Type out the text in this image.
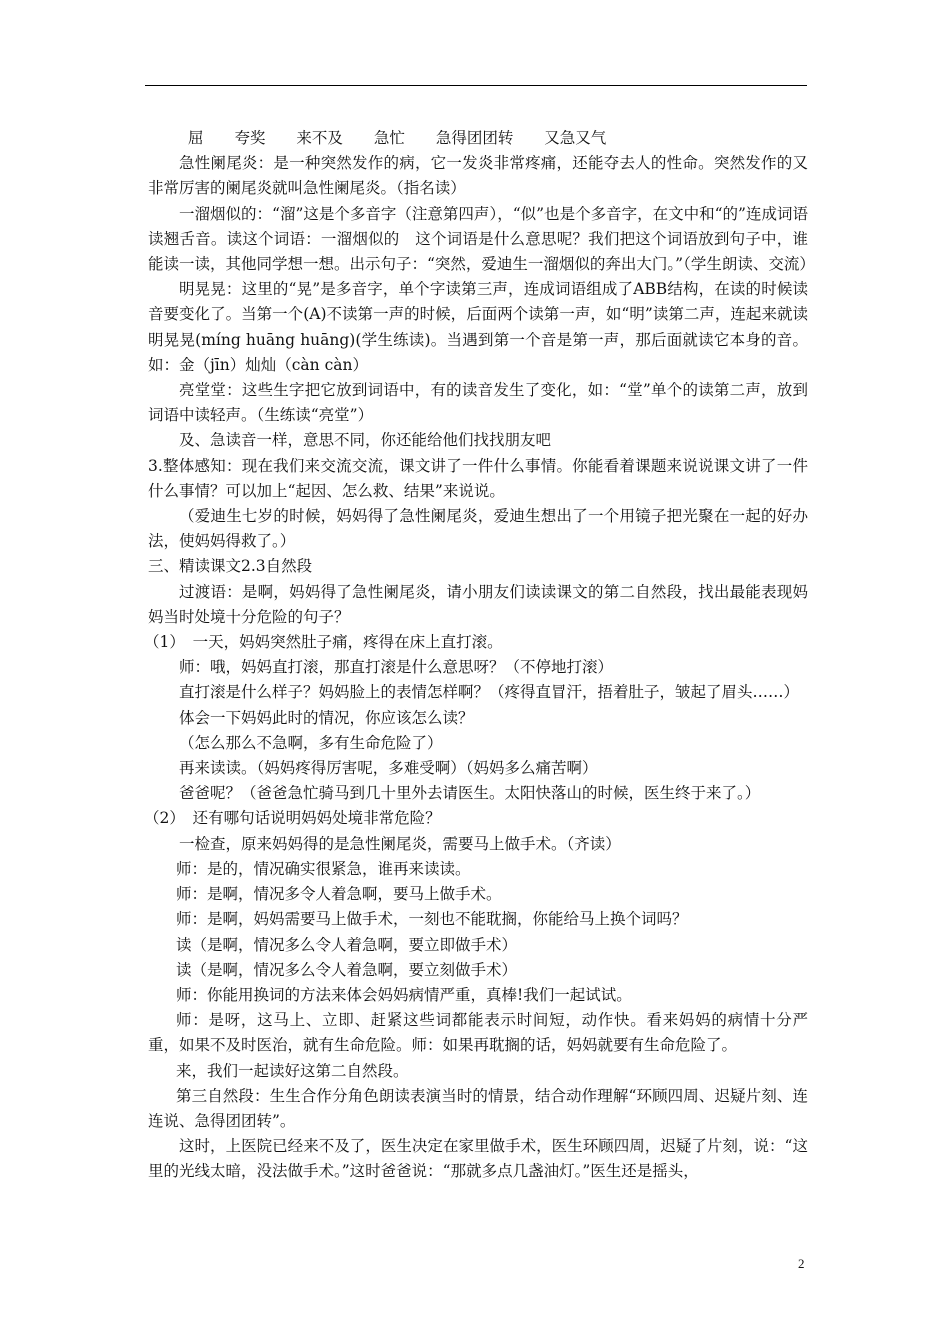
屈 夸奖 来不及 急忙 急得团团转 又急又气

急性阑尾炎：是一种突然发作的病，它一发炎非常疼痛，还能夺去人的性命。突然发作的又非常厉害的阑尾炎就叫急性阑尾炎。（指名读）

一溜烟似的：“溜”这是个多音字（注意第四声），“似”也是个多音字，在文中和“的”连成词语读翘舌音。读这个词语：一溜烟似的　这个词语是什么意思呢？我们把这个词语放到句子中，谁能读一读，其他同学想一想。出示句子：“突然，爱迪生一溜烟似的奔出大门。”（学生朗读、交流）

明晃晃：这里的“晃”是多音字，单个字读第三声，连成词语组成了ABB结构，在读的时候读音要变化了。当第一个(A)不读第一声的时候，后面两个读第一声，如“明”读第二声，连起来就读明晃晃(míng huāng huāng)(学生练读)。当遇到第一个音是第一声，那后面就读它本身的音。如：金（jīn）灿灿（càn càn）

亮堂堂：这些生字把它放到词语中，有的读音发生了变化，如：“堂”单个的读第二声，放到词语中读轻声。（生练读“亮堂”）

及、急读音一样，意思不同，你还能给他们找找朋友吧

3.整体感知：现在我们来交流交流，课文讲了一件什么事情。你能看着课题来说说课文讲了一件什么事情？可以加上“起因、怎么救、结果”来说说。

（爱迪生七岁的时候，妈妈得了急性阑尾炎，爱迪生想出了一个用镜子把光聚在一起的好办法，使妈妈得救了。）

三、精读课文2.3自然段

过渡语：是啊，妈妈得了急性阑尾炎，请小朋友们读读课文的第二自然段，找出最能表现妈妈当时处境十分危险的句子？

（1）　一天，妈妈突然肚子痛，疼得在床上直打滚。

师：哦，妈妈直打滚，那直打滚是什么意思呀？（不停地打滚）

直打滚是什么样子？妈妈脸上的表情怎样啊？（疼得直冒汗，捂着肚子，皱起了眉头……）

体会一下妈妈此时的情况，你应该怎么读？

（怎么那么不急啊，多有生命危险了）

再来读读。（妈妈疼得厉害呢，多难受啊）（妈妈多么痛苦啊）

爸爸呢？（爸爸急忙骑马到几十里外去请医生。太阳快落山的时候，医生终于来了。）

（2）　还有哪句话说明妈妈处境非常危险？

一检查，原来妈妈得的是急性阑尾炎，需要马上做手术。（齐读）

师：是的，情况确实很紧急，谁再来读读。

师：是啊，情况多令人着急啊，要马上做手术。

师：是啊，妈妈需要马上做手术，一刻也不能耽搁，你能给马上换个词吗？

读（是啊，情况多么令人着急啊，要立即做手术）

读（是啊，情况多么令人着急啊，要立刻做手术）

师：你能用换词的方法来体会妈妈病情严重，真棒!我们一起试试。

师：是呀，这马上、立即、赶紧这些词都能表示时间短，动作快。看来妈妈的病情十分严重，如果不及时医治，就有生命危险。师：如果再耽搁的话，妈妈就要有生命危险了。

来，我们一起读好这第二自然段。

第三自然段：生生合作分角色朗读表演当时的情景，结合动作理解“环顾四周、迟疑片刻、连连说、急得团团转”。

这时，上医院已经来不及了，医生决定在家里做手术，医生环顾四周，迟疑了片刻，说：“这里的光线太暗，没法做手术。”这时爸爸说：“那就多点几盏油灯。”医生还是摇头，

2
